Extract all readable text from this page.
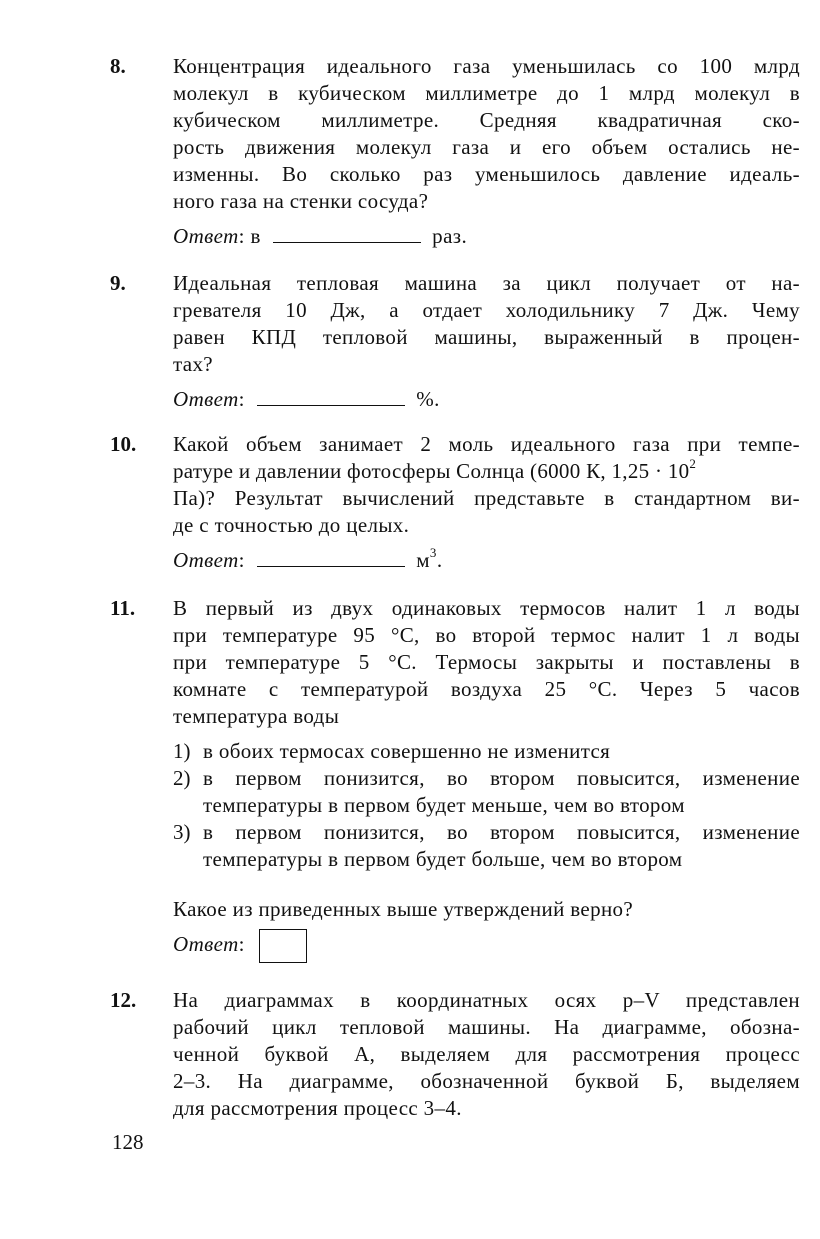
8. Концентрация идеального газа уменьшилась со 100 млрд
молекул в кубическом миллиметре до 1 млрд молекул в
кубическом миллиметре. Средняя квадратичная ско-
рость движения молекул газа и его объем остались не-
изменны. Во сколько раз уменьшилось давление идеаль-
ного газа на стенки сосуда?
Ответ: в	раз.
9. Идеальная тепловая машина за цикл получает от на-
гревателя 10 Дж, а отдает холодильнику 7 Дж. Чему
равен КПД тепловой машины, выраженный в процен-
тах?
Ответ:	%.
10. Какой объем занимает 2 моль идеального газа при темпе-
ратуре и давлении фотосферы Солнца (6000 К, $1,25 \cdot 10^2$
Па)? Результат вычислений представьте в стандартном ви-
де с точностью до целых.
Ответ:	$м^3$.
11. В первый из двух одинаковых термосов налит 1 л воды
при температуре 95 °С, во второй термос налит 1 л воды
при температуре 5 °С. Термосы закрыты и поставлены в
комнате с температурой воздуха 25 °С. Через 5 часов
температура воды
1) в обоих термосах совершенно не изменится
2) в первом понизится, во втором повысится, изменение
температуры в первом будет меньше, чем во втором
3) в первом понизится, во втором повысится, изменение
температуры в первом будет больше, чем во втором
Какое из приведенных выше утверждений верно?
Ответ:
12. На диаграммах в координатных осях p–V представлен
рабочий цикл тепловой машины. На диаграмме, обозна-
ченной буквой А, выделяем для рассмотрения процесс
2–3. На диаграмме, обозначенной буквой Б, выделяем
для рассмотрения процесс 3–4.
128
